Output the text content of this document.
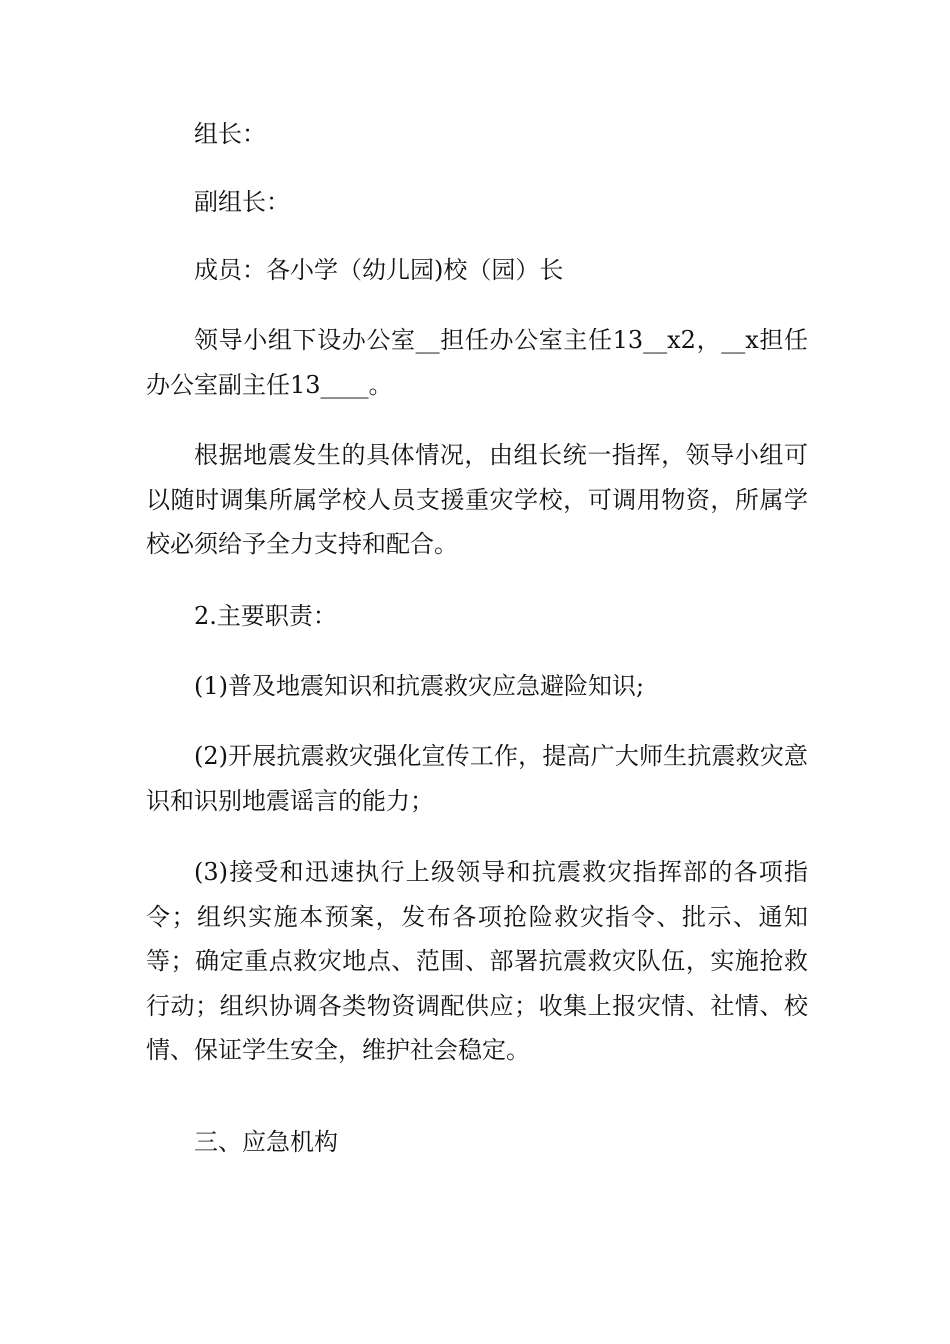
组长：

副组长：

成员：各小学（幼儿园)校（园）长

领导小组下设办公室__担任办公室主任13__x2，__x担任办公室副主任13____。

根据地震发生的具体情况，由组长统一指挥，领导小组可以随时调集所属学校人员支援重灾学校，可调用物资，所属学校必须给予全力支持和配合。

2.主要职责：

(1)普及地震知识和抗震救灾应急避险知识;

(2)开展抗震救灾强化宣传工作，提高广大师生抗震救灾意识和识别地震谣言的能力；

(3)接受和迅速执行上级领导和抗震救灾指挥部的各项指令；组织实施本预案，发布各项抢险救灾指令、批示、通知等；确定重点救灾地点、范围、部署抗震救灾队伍，实施抢救行动；组织协调各类物资调配供应；收集上报灾情、社情、校情、保证学生安全，维护社会稳定。

三、应急机构
